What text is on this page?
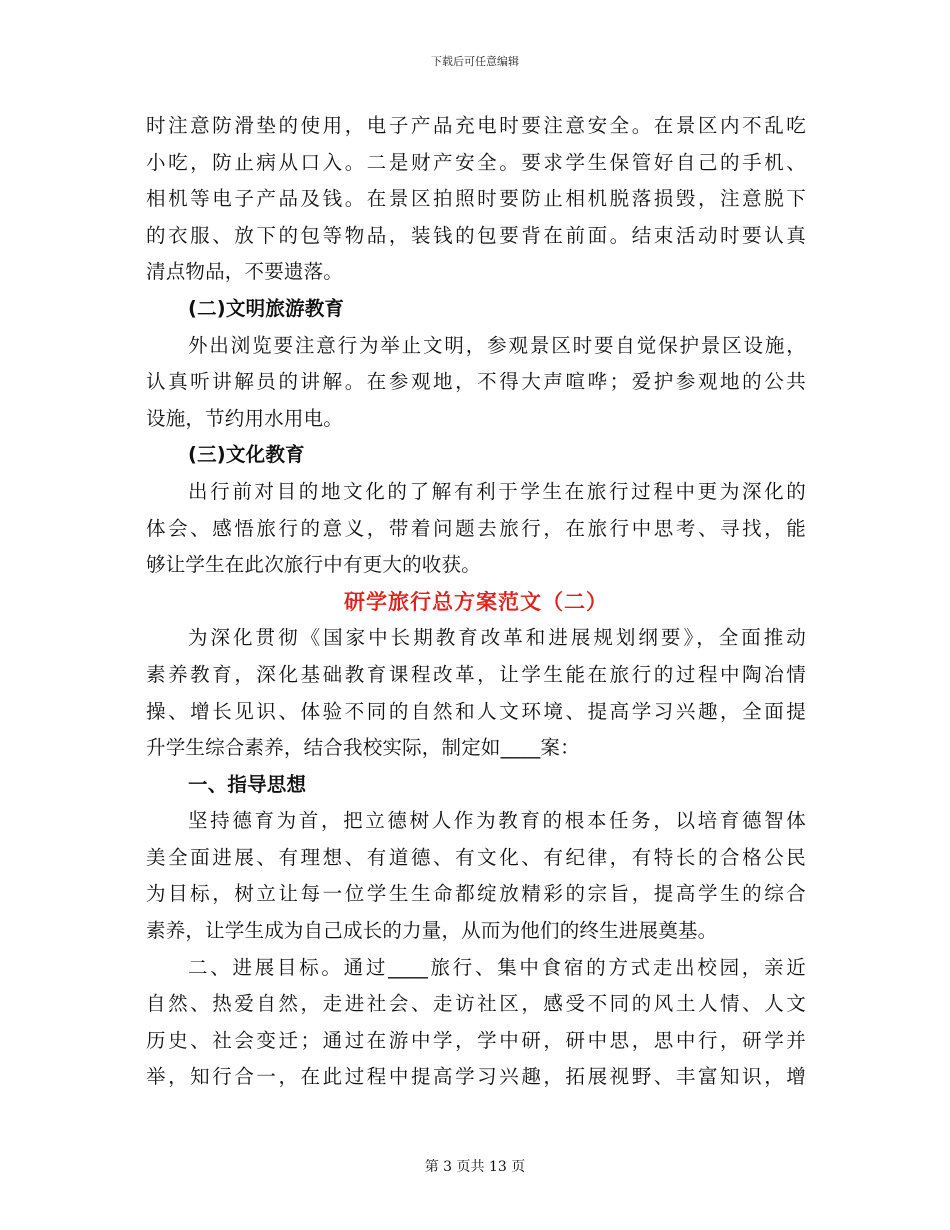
下载后可任意编辑
时注意防滑垫的使用，电子产品充电时要注意安全。在景区内不乱吃
小吃，防止病从口入。二是财产安全。要求学生保管好自己的手机、
相机等电子产品及钱。在景区拍照时要防止相机脱落损毁，注意脱下
的衣服、放下的包等物品，装钱的包要背在前面。结束活动时要认真
清点物品，不要遗落。
(二)文明旅游教育
外出浏览要注意行为举止文明，参观景区时要自觉保护景区设施，
认真听讲解员的讲解。在参观地，不得大声喧哗；爱护参观地的公共
设施，节约用水用电。
(三)文化教育
出行前对目的地文化的了解有利于学生在旅行过程中更为深化的
体会、感悟旅行的意义，带着问题去旅行，在旅行中思考、寻找，能
够让学生在此次旅行中有更大的收获。
研学旅行总方案范文（二）
为深化贯彻《国家中长期教育改革和进展规划纲要》，全面推动
素养教育，深化基础教育课程改革，让学生能在旅行的过程中陶冶情
操、增长见识、体验不同的自然和人文环境、提高学习兴趣，全面提
升学生综合素养，结合我校实际，制定如____案：
一、指导思想
坚持德育为首，把立德树人作为教育的根本任务，以培育德智体
美全面进展、有理想、有道德、有文化、有纪律，有特长的合格公民
为目标，树立让每一位学生生命都绽放精彩的宗旨，提高学生的综合
素养，让学生成为自己成长的力量，从而为他们的终生进展奠基。
二、进展目标。通过____旅行、集中食宿的方式走出校园，亲近
自然、热爱自然，走进社会、走访社区，感受不同的风土人情、人文
历史、社会变迁；通过在游中学，学中研，研中思，思中行，研学并
举，知行合一，在此过程中提高学习兴趣，拓展视野、丰富知识，增
第 3 页共 13 页
